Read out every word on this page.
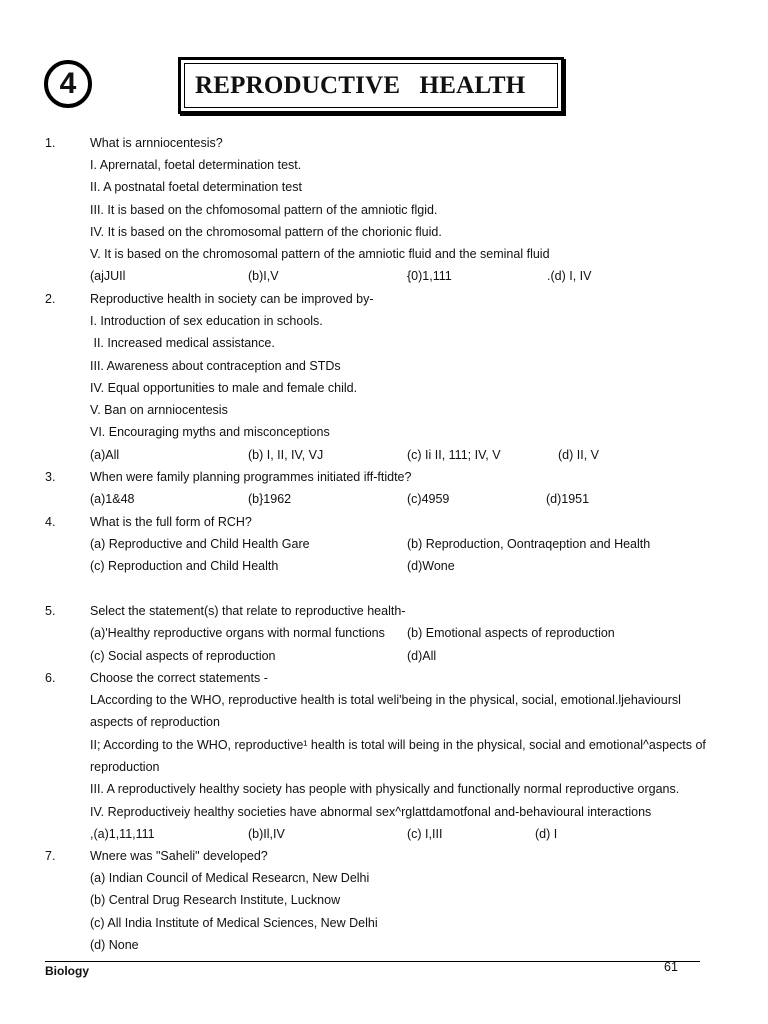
4	REPRODUCTIVE   HEALTH
1.	What is arnniocentesis?
I. Aprernatal, foetal determination test.
II. A postnatal foetal determination test
III. It is based on the chfomosomal pattern of the amniotic flgid.
IV. It is based on the chromosomal pattern of the chorionic fluid.
V. It is based on the chromosomal pattern of the amniotic fluid and the seminal fluid
(ajJUIl	(b)I,V	{0)1,111	.(d) I, IV
2.	Reproductive health in society can be improved by-
I. Introduction of sex education in schools.
II. Increased medical assistance.
III. Awareness about contraception and STDs
IV. Equal opportunities to male and female child.
V. Ban on arnniocentesis
VI. Encouraging myths and misconceptions
(a)All	(b) I, II, IV, VJ	(c) Ii II, 111; IV, V	(d) II, V
3.	When were family planning programmes initiated iff-ftidte?
(a)1&48	(b}1962	(c)4959	(d)1951
4.	What is the full form of RCH?
(a) Reproductive and Child Health Gare	(b) Reproduction, Oontraqeption and Health
(c) Reproduction and Child Health	(d)Wone
5.	Select the statement(s) that relate to reproductive health-
(a)'Healthy reproductive organs with normal functions (b) Emotional aspects of reproduction
(c) Social aspects of reproduction	(d)All
6.	Choose the correct statements -
LAccording to the WHO, reproductive health is total weli'being in the physical, social, emotional.ljehavioursl
aspects of reproduction
II; According to the WHO, reproductive¹ health is total will being in the physical, social and emotional^aspects of
reproduction
III. A reproductively healthy society has people with physically and functionally normal reproductive organs.
IV. Reproductiveiy healthy societies have abnormal sex^rglattdamotfonal and-behavioural interactions
,(a)1,11,111	(b)Il,IV	(c) I,III	(d) I
7.	Wnere was "Saheli" developed?
(a) Indian Council of Medical Researcn, New Delhi
(b) Central Drug Research Institute, Lucknow
(c) All India Institute of Medical Sciences, New Delhi
(d) None
Biology	61
